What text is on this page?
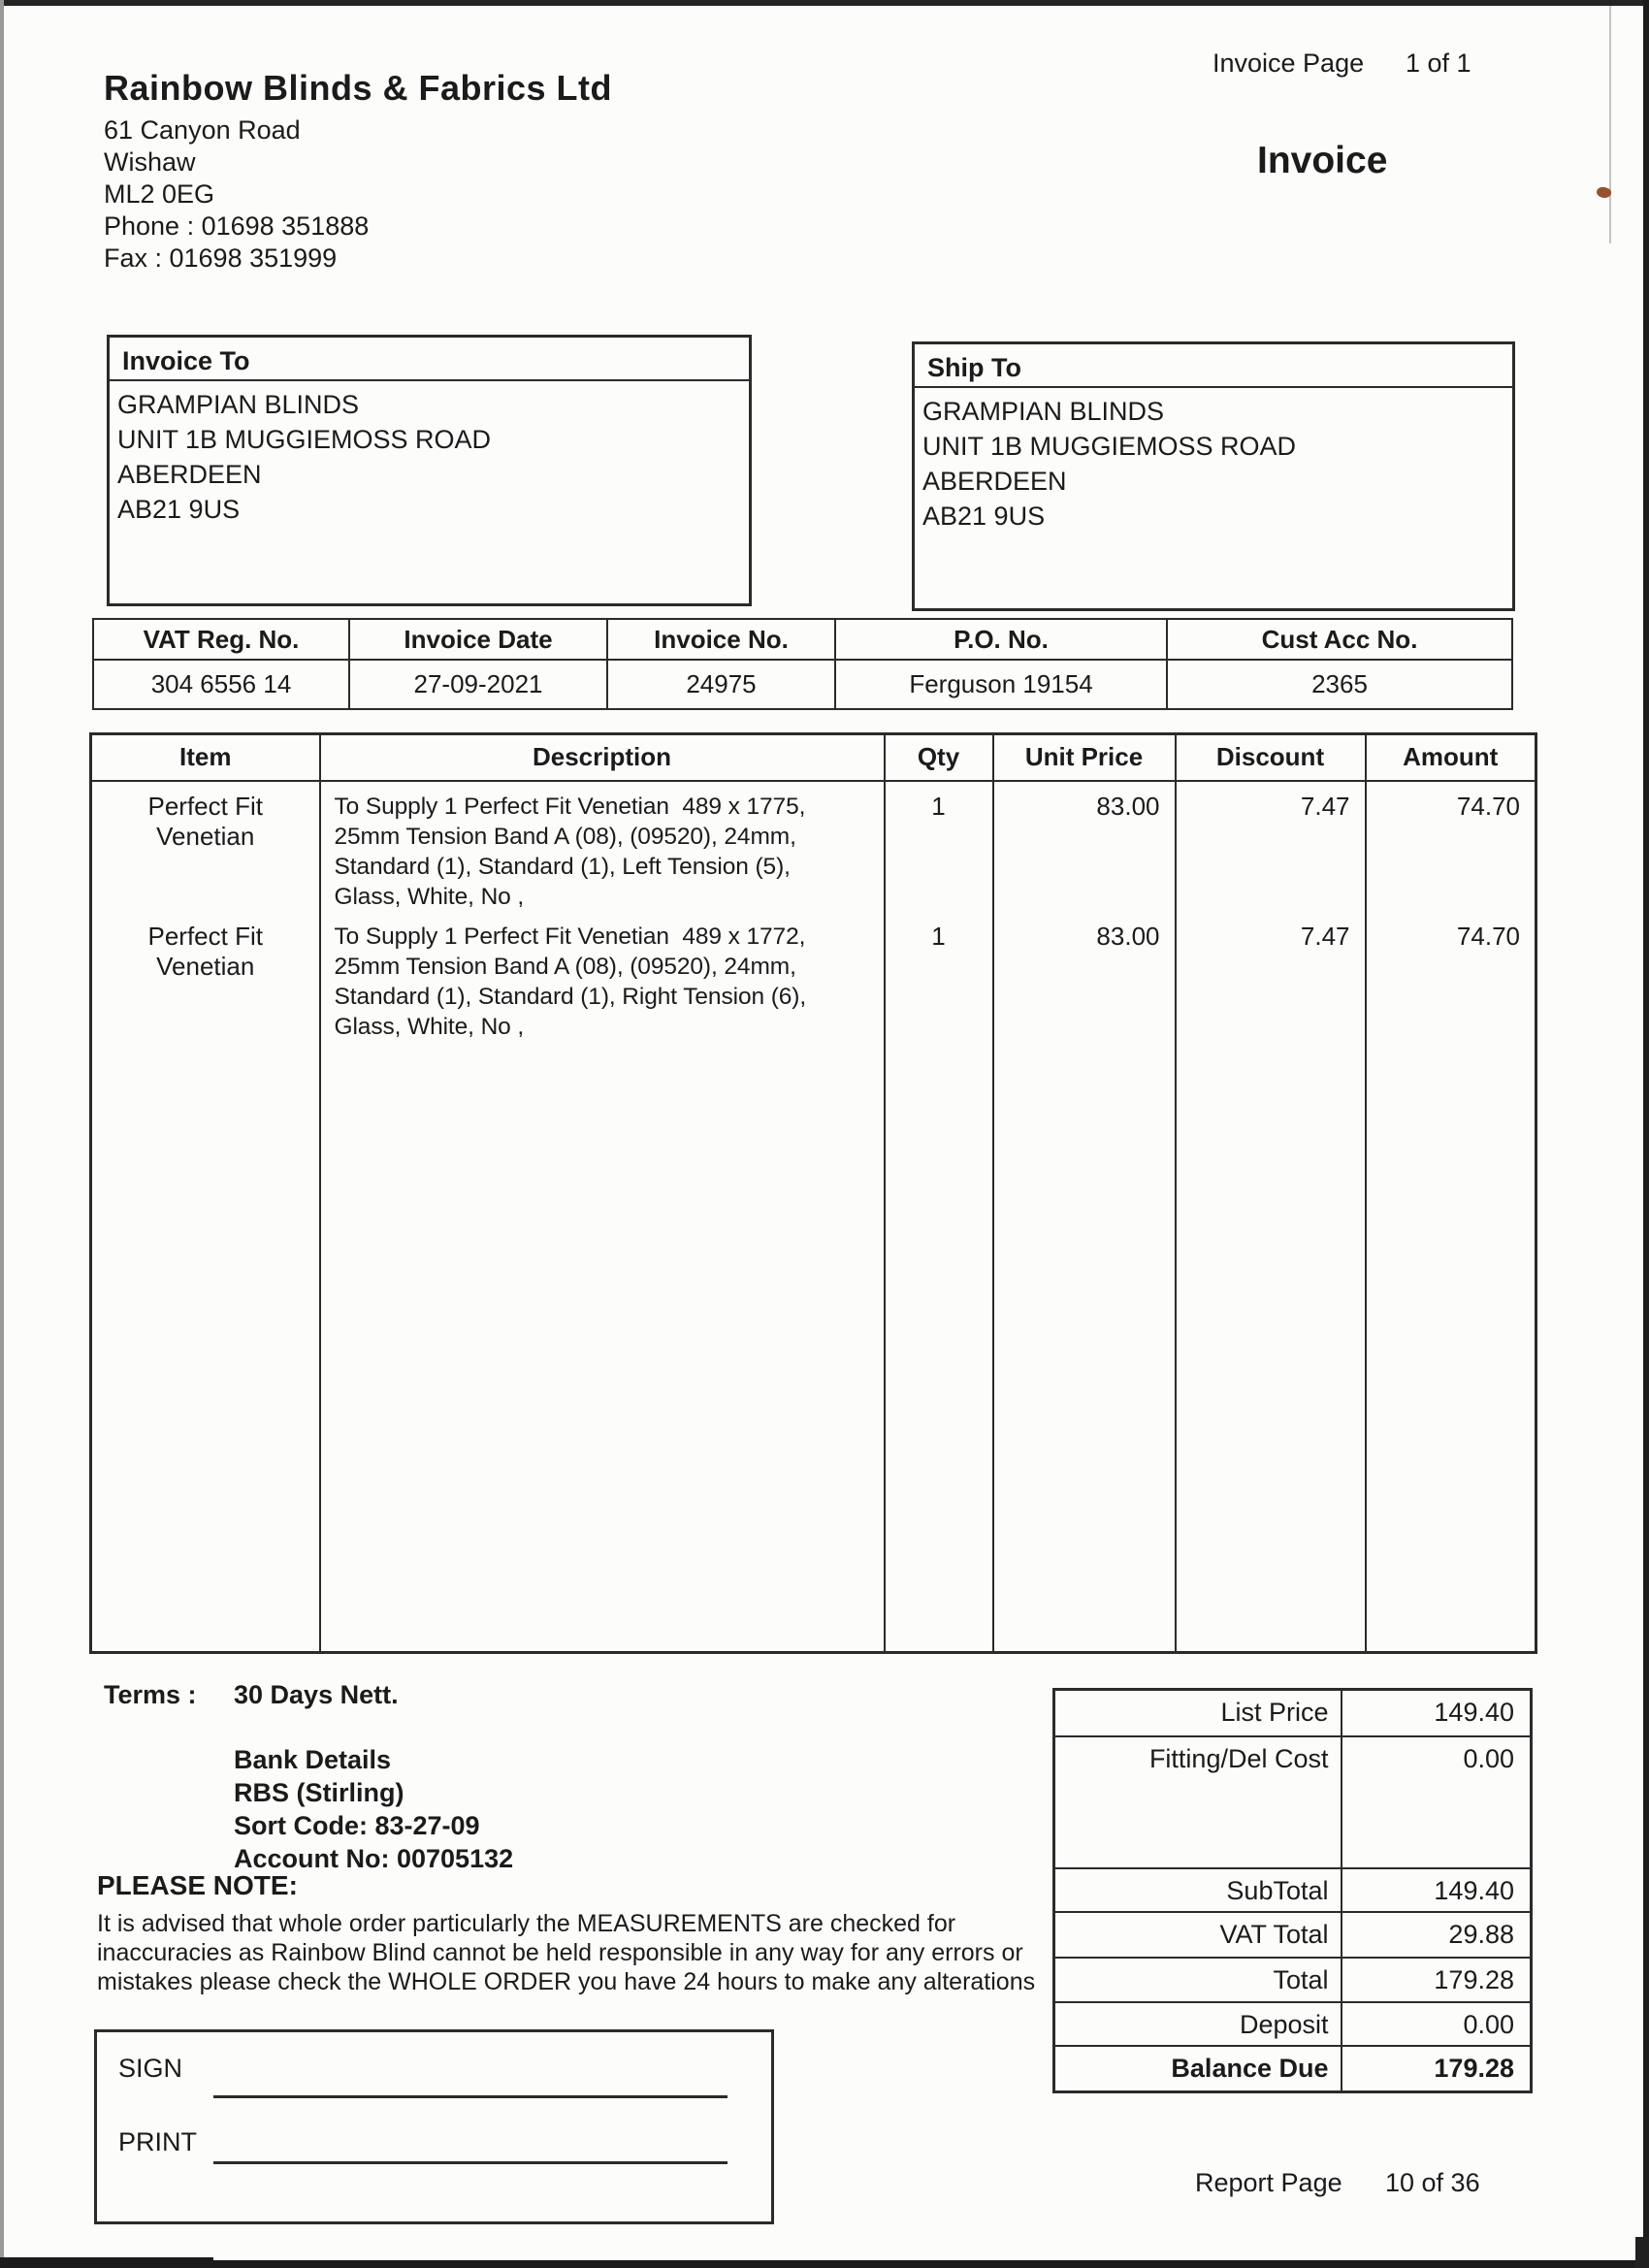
Rainbow Blinds & Fabrics Ltd
61 Canyon Road
Wishaw
ML2 0EG
Phone : 01698 351888
Fax : 01698 351999
Invoice Page 1 of 1
Invoice
Invoice To
GRAMPIAN BLINDS
UNIT 1B MUGGIEMOSS ROAD
ABERDEEN
AB21 9US
Ship To
GRAMPIAN BLINDS
UNIT 1B MUGGIEMOSS ROAD
ABERDEEN
AB21 9US
VAT Reg. No.	Invoice Date	Invoice No.	P.O. No.	Cust Acc No.
304 6556 14	27-09-2021	24975	Ferguson 19154	2365
Item	Description	Qty	Unit Price	Discount	Amount
Perfect Fit Venetian	To Supply 1 Perfect Fit Venetian  489 x 1775,
25mm Tension Band A (08), (09520), 24mm,
Standard (1), Standard (1), Left Tension (5),
Glass, White, No ,	1	83.00	7.47	74.70
Perfect Fit Venetian	To Supply 1 Perfect Fit Venetian  489 x 1772,
25mm Tension Band A (08), (09520), 24mm,
Standard (1), Standard (1), Right Tension (6),
Glass, White, No ,	1	83.00	7.47	74.70

Terms : 30 Days Nett.
Bank Details
RBS (Stirling)
Sort Code: 83-27-09
Account No: 00705132
PLEASE NOTE:
It is advised that whole order particularly the MEASUREMENTS are checked for
inaccuracies as Rainbow Blind cannot be held responsible in any way for any errors or
mistakes please check the WHOLE ORDER you have 24 hours to make any alterations
List Price	149.40
Fitting/Del Cost	0.00
SubTotal	149.40
VAT Total	29.88
Total	179.28
Deposit	0.00
Balance Due	179.28
SIGN
PRINT
Report Page 10 of 36
